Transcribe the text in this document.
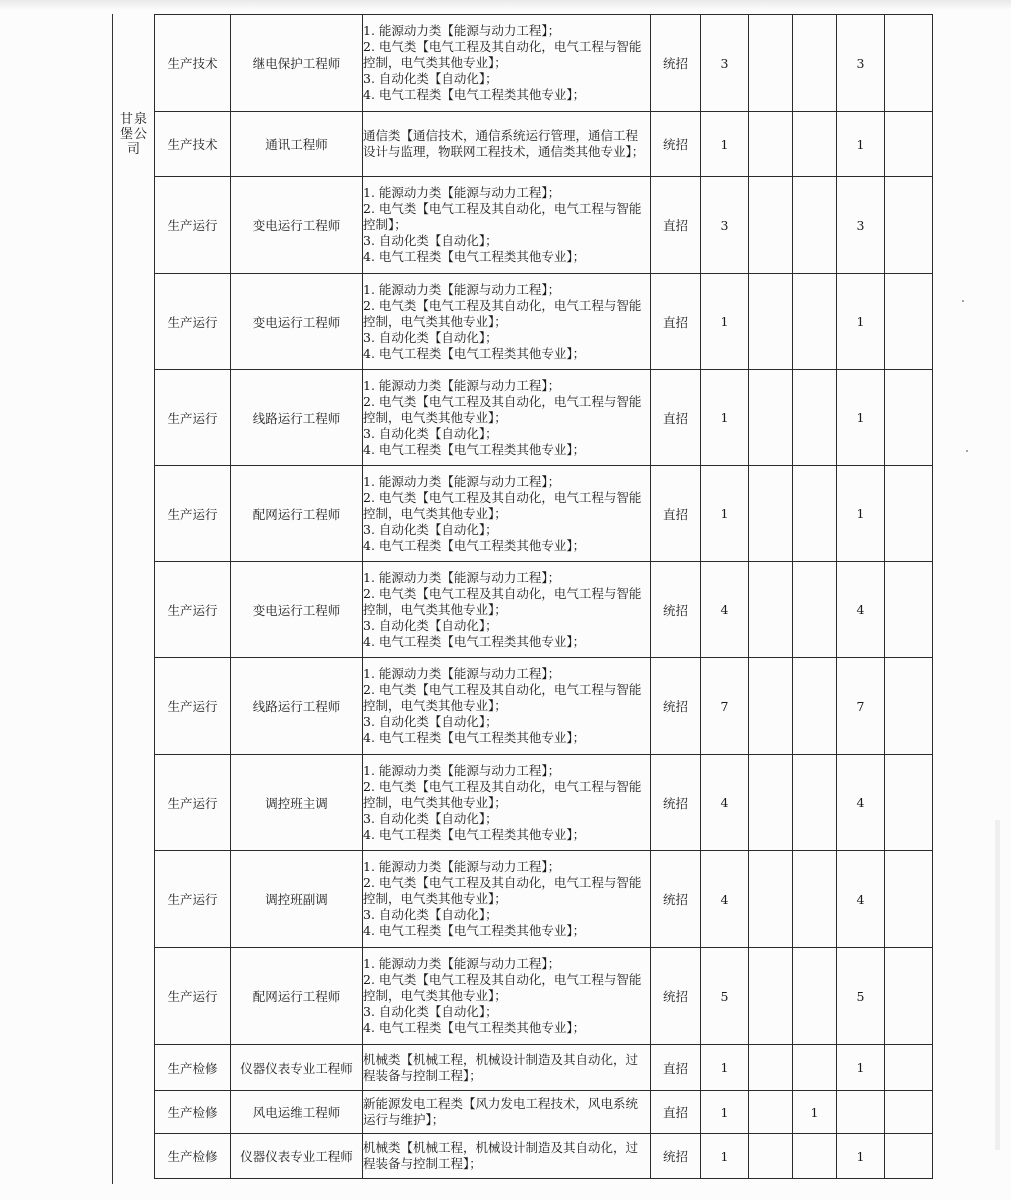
甘泉堡公司
生产技术	继电保护工程师	1. 能源动力类【能源与动力工程】；
2. 电气类【电气工程及其自动化，电气工程与智能控制，电气类其他专业】；
3. 自动化类【自动化】；
4. 电气工程类【电气工程类其他专业】；	统招	3			3	
生产技术	通讯工程师	通信类【通信技术，通信系统运行管理，通信工程设计与监理，物联网工程技术，通信类其他专业】；	统招	1			1	
生产运行	变电运行工程师	1. 能源动力类【能源与动力工程】；
2. 电气类【电气工程及其自动化，电气工程与智能控制】；
3. 自动化类【自动化】；
4. 电气工程类【电气工程类其他专业】；	直招	3			3	
生产运行	变电运行工程师	1. 能源动力类【能源与动力工程】；
2. 电气类【电气工程及其自动化，电气工程与智能控制，电气类其他专业】；
3. 自动化类【自动化】；
4. 电气工程类【电气工程类其他专业】；	直招	1			1	
生产运行	线路运行工程师	1. 能源动力类【能源与动力工程】；
2. 电气类【电气工程及其自动化，电气工程与智能控制，电气类其他专业】；
3. 自动化类【自动化】；
4. 电气工程类【电气工程类其他专业】；	直招	1			1	
生产运行	配网运行工程师	1. 能源动力类【能源与动力工程】；
2. 电气类【电气工程及其自动化，电气工程与智能控制，电气类其他专业】；
3. 自动化类【自动化】；
4. 电气工程类【电气工程类其他专业】；	直招	1			1	
生产运行	变电运行工程师	1. 能源动力类【能源与动力工程】；
2. 电气类【电气工程及其自动化，电气工程与智能控制，电气类其他专业】；
3. 自动化类【自动化】；
4. 电气工程类【电气工程类其他专业】；	统招	4			4	
生产运行	线路运行工程师	1. 能源动力类【能源与动力工程】；
2. 电气类【电气工程及其自动化，电气工程与智能控制，电气类其他专业】；
3. 自动化类【自动化】；
4. 电气工程类【电气工程类其他专业】；	统招	7			7	
生产运行	调控班主调	1. 能源动力类【能源与动力工程】；
2. 电气类【电气工程及其自动化，电气工程与智能控制，电气类其他专业】；
3. 自动化类【自动化】；
4. 电气工程类【电气工程类其他专业】；	统招	4			4	
生产运行	调控班副调	1. 能源动力类【能源与动力工程】；
2. 电气类【电气工程及其自动化，电气工程与智能控制，电气类其他专业】；
3. 自动化类【自动化】；
4. 电气工程类【电气工程类其他专业】；	统招	4			4	
生产运行	配网运行工程师	1. 能源动力类【能源与动力工程】；
2. 电气类【电气工程及其自动化，电气工程与智能控制，电气类其他专业】；
3. 自动化类【自动化】；
4. 电气工程类【电气工程类其他专业】；	统招	5			5	
生产检修	仪器仪表专业工程师	机械类【机械工程，机械设计制造及其自动化，过程装备与控制工程】；	直招	1			1	
生产检修	风电运维工程师	新能源发电工程类【风力发电工程技术，风电系统运行与维护】；	直招	1		1		
生产检修	仪器仪表专业工程师	机械类【机械工程，机械设计制造及其自动化，过程装备与控制工程】；	统招	1			1	
